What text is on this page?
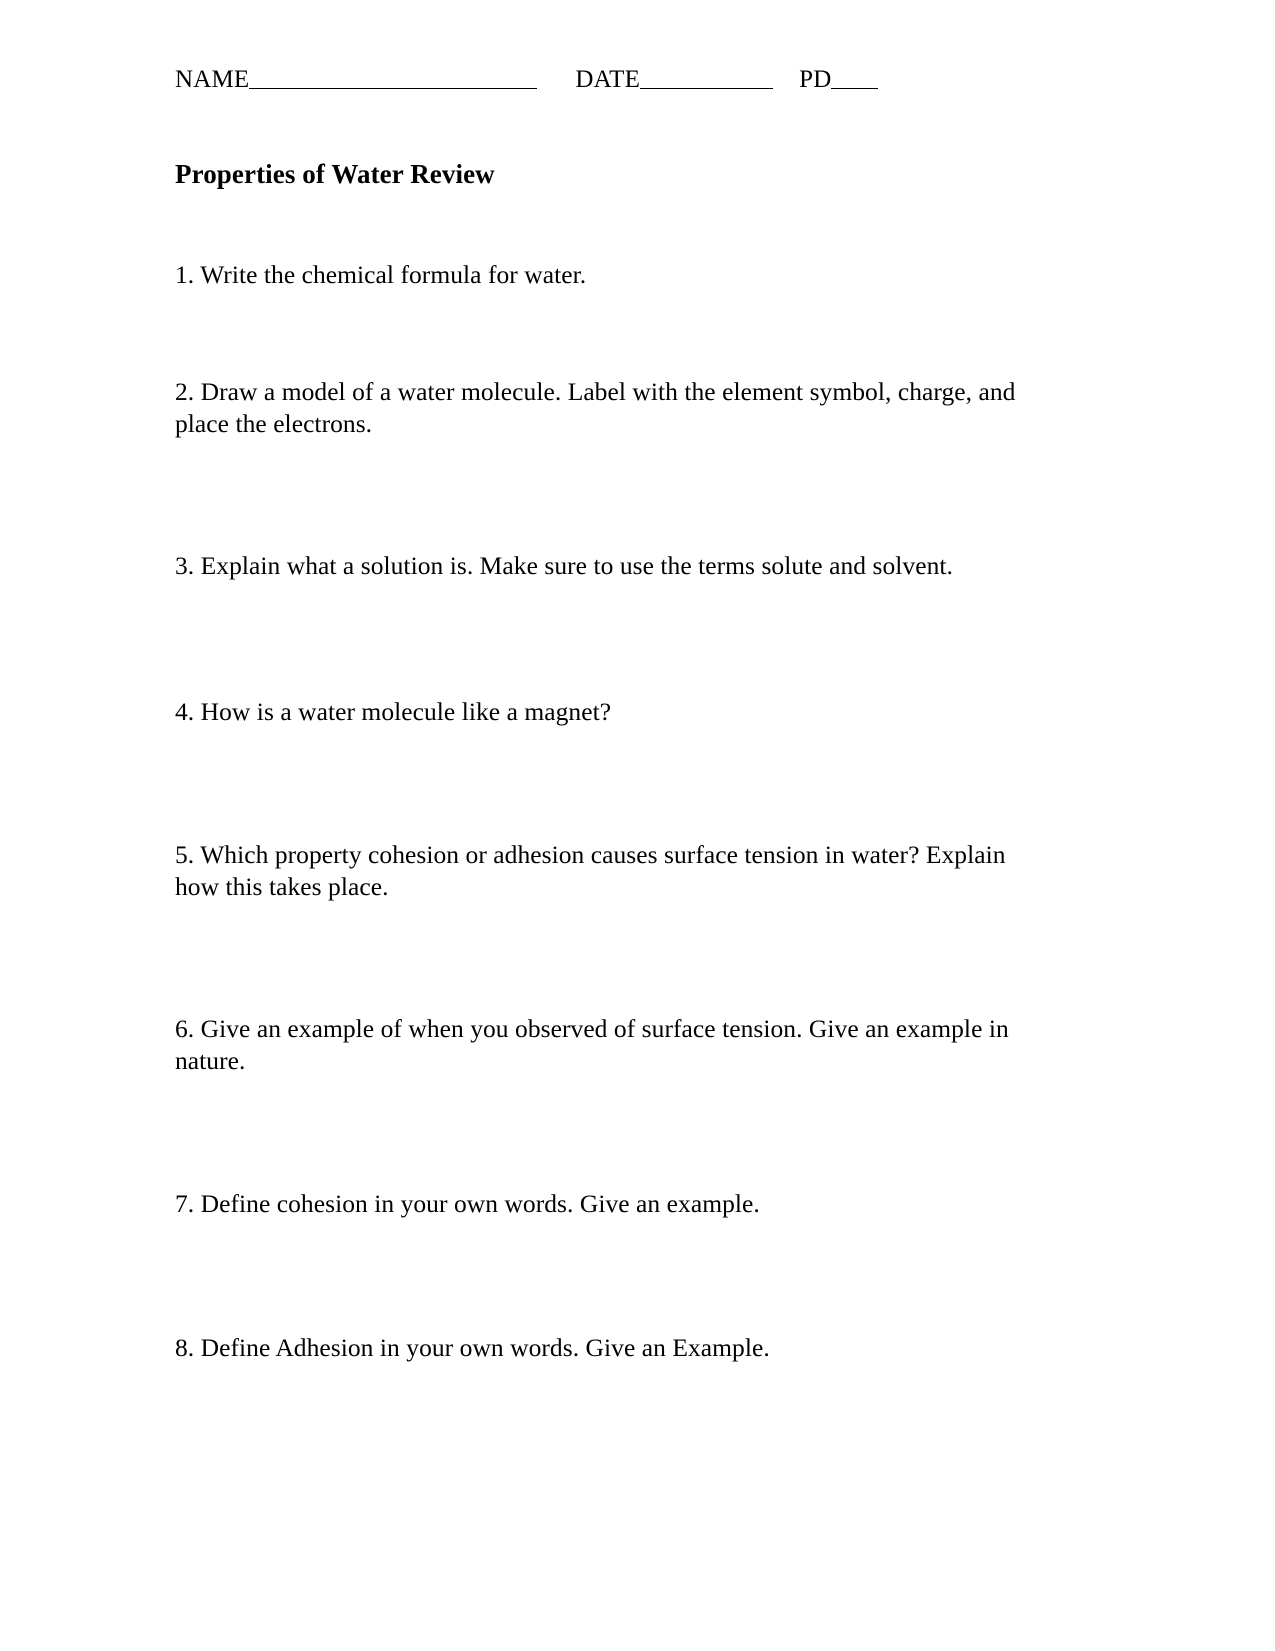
NAME	DATE	PD
Properties of Water Review

1. Write the chemical formula for water.

2. Draw a model of a water molecule. Label with the element symbol, charge, and place the electrons.

3. Explain what a solution is. Make sure to use the terms solute and solvent.

4. How is a water molecule like a magnet?

5. Which property cohesion or adhesion causes surface tension in water? Explain how this takes place.

6. Give an example of when you observed of surface tension. Give an example in nature.

7. Define cohesion in your own words. Give an example.

8. Define Adhesion in your own words. Give an Example.
